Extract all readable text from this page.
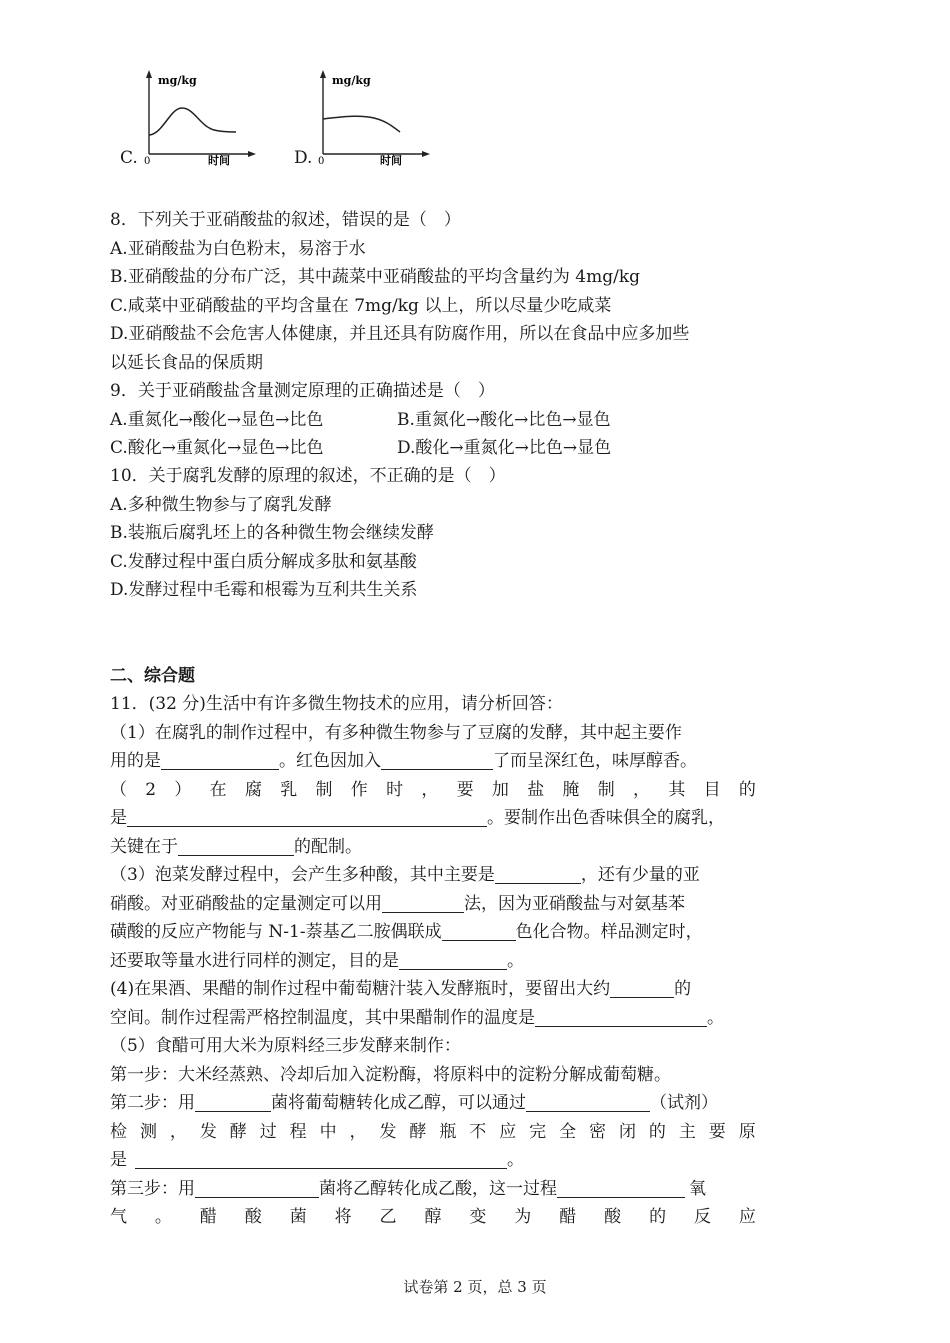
mg/kg
0	时间
C.
mg/kg
0	时间
D.
8．下列关于亚硝酸盐的叙述，错误的是（　）
A.亚硝酸盐为白色粉末，易溶于水
B.亚硝酸盐的分布广泛，其中蔬菜中亚硝酸盐的平均含量约为 4mg/kg
C.咸菜中亚硝酸盐的平均含量在 7mg/kg 以上，所以尽量少吃咸菜
D.亚硝酸盐不会危害人体健康，并且还具有防腐作用，所以在食品中应多加些
以延长食品的保质期
9．关于亚硝酸盐含量测定原理的正确描述是（　）
A.重氮化→酸化→显色→比色	B.重氮化→酸化→比色→显色
C.酸化→重氮化→显色→比色	D.酸化→重氮化→比色→显色
10．关于腐乳发酵的原理的叙述，不正确的是（　）
A.多种微生物参与了腐乳发酵
B.装瓶后腐乳坯上的各种微生物会继续发酵
C.发酵过程中蛋白质分解成多肽和氨基酸
D.发酵过程中毛霉和根霉为互利共生关系
二、综合题
11．(32 分)生活中有许多微生物技术的应用，请分析回答：
（1）在腐乳的制作过程中，有多种微生物参与了豆腐的发酵，其中起主要作
用的是	。红色因加入	了而呈深红色，味厚醇香。
（ 2 ） 在 腐 乳 制 作 时 ， 要 加 盐 腌 制 ， 其 目 的
是	。要制作出色香味俱全的腐乳，
关键在于	的配制。
（3）泡菜发酵过程中，会产生多种酸，其中主要是	，还有少量的亚
硝酸。对亚硝酸盐的定量测定可以用	法，因为亚硝酸盐与对氨基苯
磺酸的反应产物能与 N-1-萘基乙二胺偶联成	色化合物。样品测定时，
还要取等量水进行同样的测定，目的是	。
(4)在果酒、果醋的制作过程中葡萄糖汁装入发酵瓶时，要留出大约	的
空间。制作过程需严格控制温度，其中果醋制作的温度是	。
（5）食醋可用大米为原料经三步发酵来制作：
第一步：大米经蒸熟、冷却后加入淀粉酶，将原料中的淀粉分解成葡萄糖。
第二步：用	菌将葡萄糖转化成乙醇，可以通过	（试剂）
检 测 ， 发 酵 过 程 中 ， 发 酵 瓶 不 应 完 全 密 闭 的 主 要 原
是	。
第三步：用	菌将乙醇转化成乙酸，这一过程	氧
气 。 醋 酸 菌 将 乙 醇 变 为 醋 酸 的 反 应
试卷第 2 页，总 3 页
